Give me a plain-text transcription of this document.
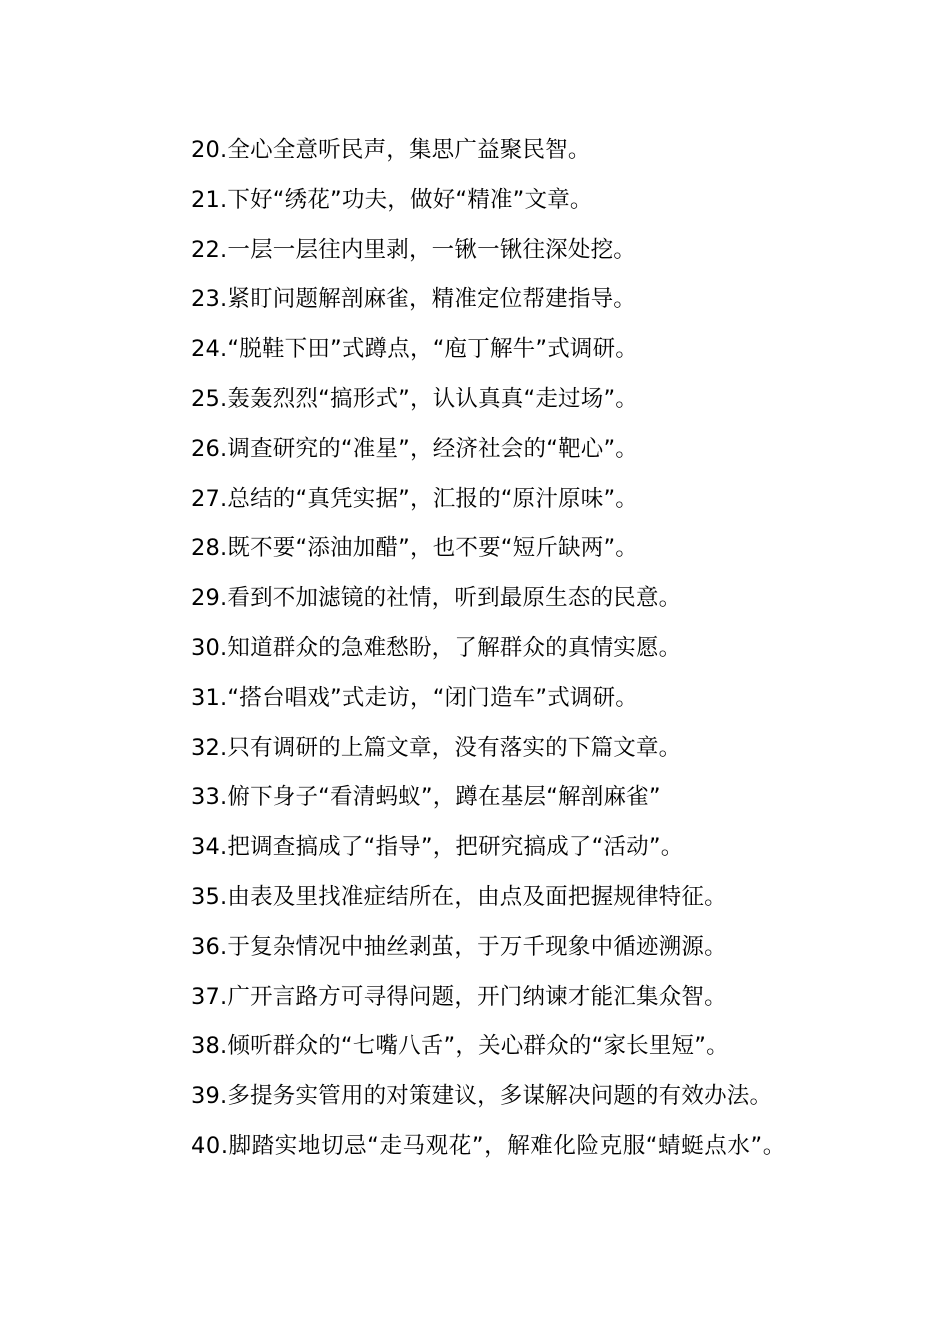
20.全心全意听民声，集思广益聚民智。
21.下好“绣花”功夫，做好“精准”文章。
22.一层一层往内里剥，一锹一锹往深处挖。
23.紧盯问题解剖麻雀，精准定位帮建指导。
24.“脱鞋下田”式蹲点，“庖丁解牛”式调研。
25.轰轰烈烈“搞形式”，认认真真“走过场”。
26.调查研究的“准星”，经济社会的“靶心”。
27.总结的“真凭实据”，汇报的“原汁原味”。
28.既不要“添油加醋”，也不要“短斤缺两”。
29.看到不加滤镜的社情，听到最原生态的民意。
30.知道群众的急难愁盼，了解群众的真情实愿。
31.“搭台唱戏”式走访，“闭门造车”式调研。
32.只有调研的上篇文章，没有落实的下篇文章。
33.俯下身子“看清蚂蚁”，蹲在基层“解剖麻雀”
34.把调查搞成了“指导”，把研究搞成了“活动”。
35.由表及里找准症结所在，由点及面把握规律特征。
36.于复杂情况中抽丝剥茧，于万千现象中循迹溯源。
37.广开言路方可寻得问题，开门纳谏才能汇集众智。
38.倾听群众的“七嘴八舌”，关心群众的“家长里短”。
39.多提务实管用的对策建议，多谋解决问题的有效办法。
40.脚踏实地切忌“走马观花”，解难化险克服“蜻蜓点水”。
